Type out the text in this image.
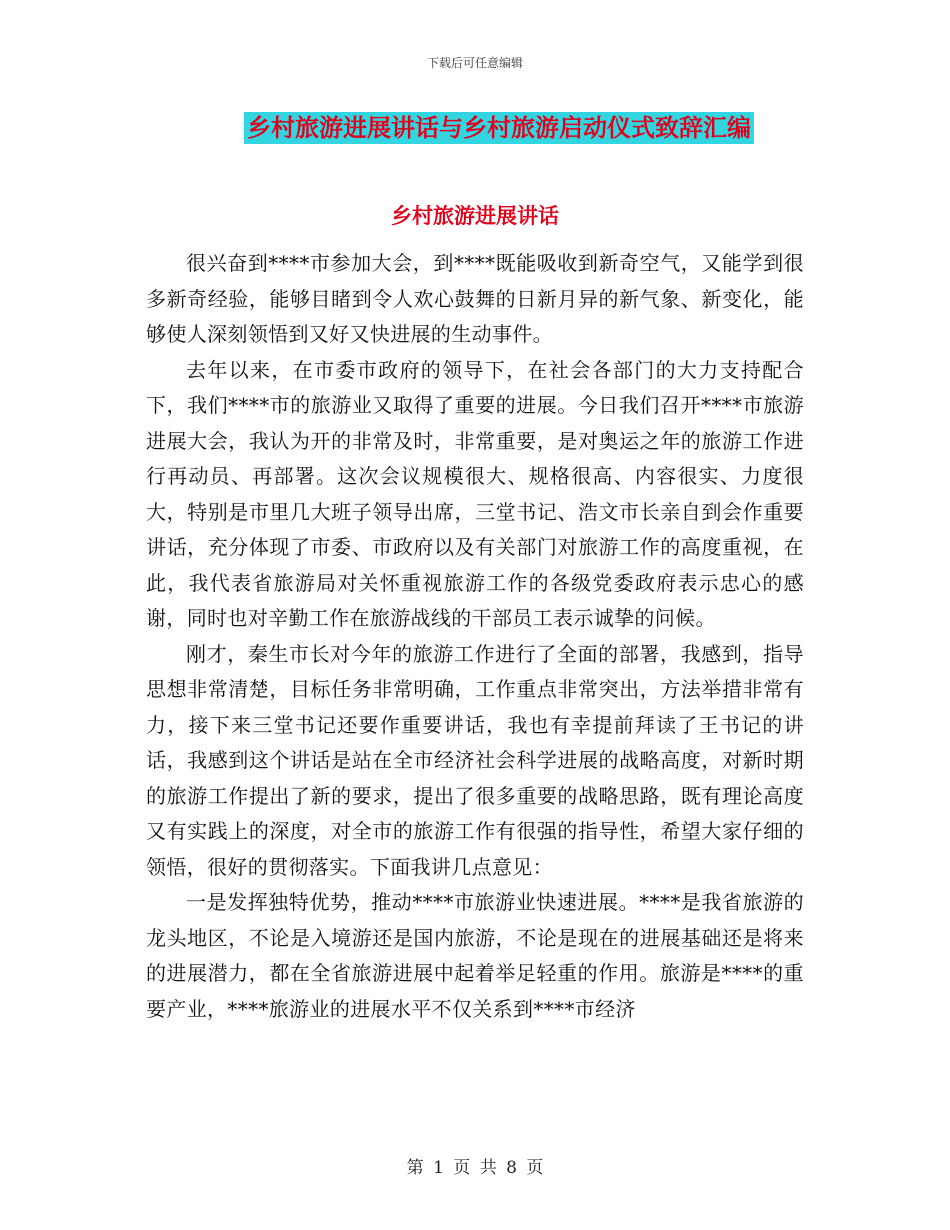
下载后可任意编辑
乡村旅游进展讲话与乡村旅游启动仪式致辞汇编
乡村旅游进展讲话

很兴奋到****市参加大会，到****既能吸收到新奇空气，又能学到很多新奇经验，能够目睹到令人欢心鼓舞的日新月异的新气象、新变化，能够使人深刻领悟到又好又快进展的生动事件。

去年以来，在市委市政府的领导下，在社会各部门的大力支持配合下，我们****市的旅游业又取得了重要的进展。今日我们召开****市旅游进展大会，我认为开的非常及时，非常重要，是对奥运之年的旅游工作进行再动员、再部署。这次会议规模很大、规格很高、内容很实、力度很大，特别是市里几大班子领导出席，三堂书记、浩文市长亲自到会作重要讲话，充分体现了市委、市政府以及有关部门对旅游工作的高度重视，在此，我代表省旅游局对关怀重视旅游工作的各级党委政府表示忠心的感谢，同时也对辛勤工作在旅游战线的干部员工表示诚挚的问候。

刚才，秦生市长对今年的旅游工作进行了全面的部署，我感到，指导思想非常清楚，目标任务非常明确，工作重点非常突出，方法举措非常有力，接下来三堂书记还要作重要讲话，我也有幸提前拜读了王书记的讲话，我感到这个讲话是站在全市经济社会科学进展的战略高度，对新时期的旅游工作提出了新的要求，提出了很多重要的战略思路，既有理论高度又有实践上的深度，对全市的旅游工作有很强的指导性，希望大家仔细的领悟，很好的贯彻落实。下面我讲几点意见：

一是发挥独特优势，推动****市旅游业快速进展。****是我省旅游的龙头地区，不论是入境游还是国内旅游，不论是现在的进展基础还是将来的进展潜力，都在全省旅游进展中起着举足轻重的作用。旅游是****的重要产业，****旅游业的进展水平不仅关系到****市经济

第 1 页 共 8 页
